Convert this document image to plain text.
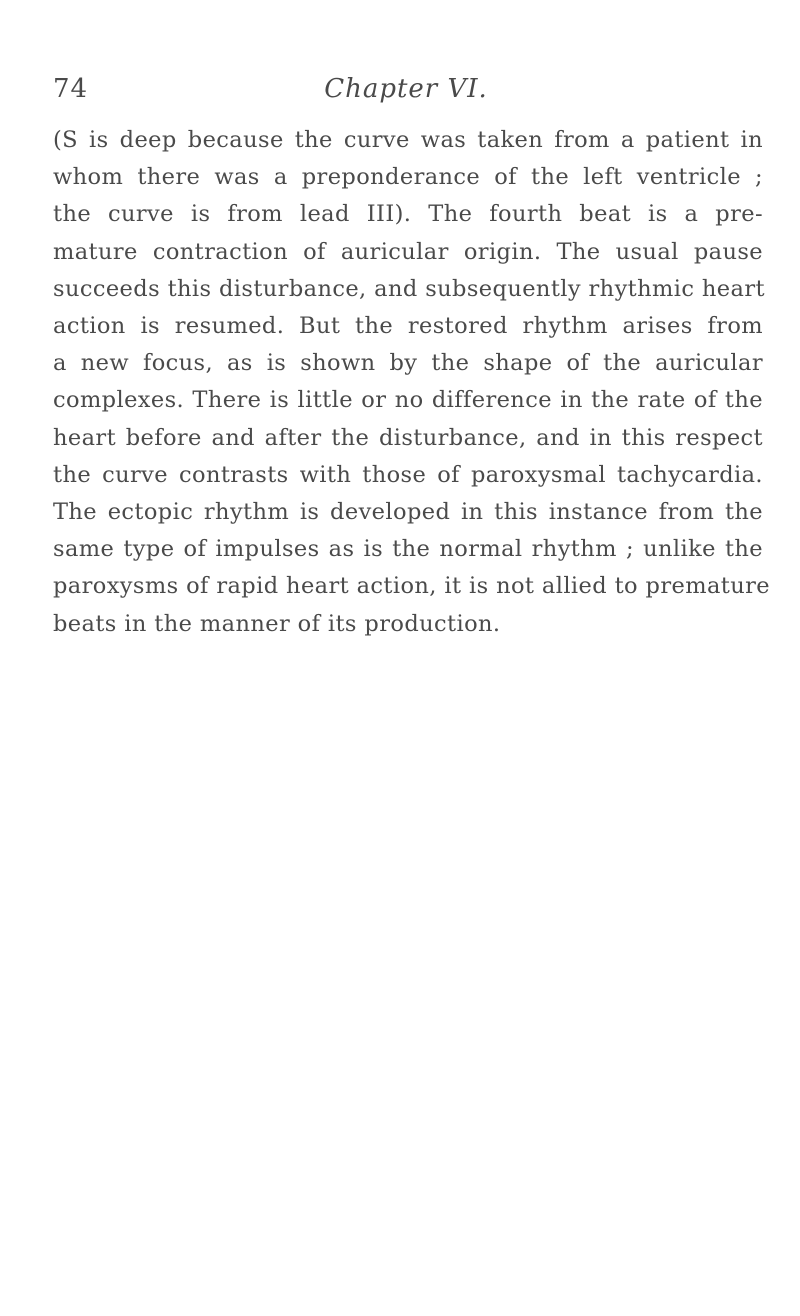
74	Chapter VI.

(S is deep because the curve was taken from a patient in
whom there was a preponderance of the left ventricle ;
the curve is from lead III). The fourth beat is a pre-
mature contraction of auricular origin. The usual pause
succeeds this disturbance, and subsequently rhythmic heart
action is resumed. But the restored rhythm arises from
a new focus, as is shown by the shape of the auricular
complexes. There is little or no difference in the rate of the
heart before and after the disturbance, and in this respect
the curve contrasts with those of paroxysmal tachycardia.
The ectopic rhythm is developed in this instance from the
same type of impulses as is the normal rhythm ; unlike the
paroxysms of rapid heart action, it is not allied to premature
beats in the manner of its production.
